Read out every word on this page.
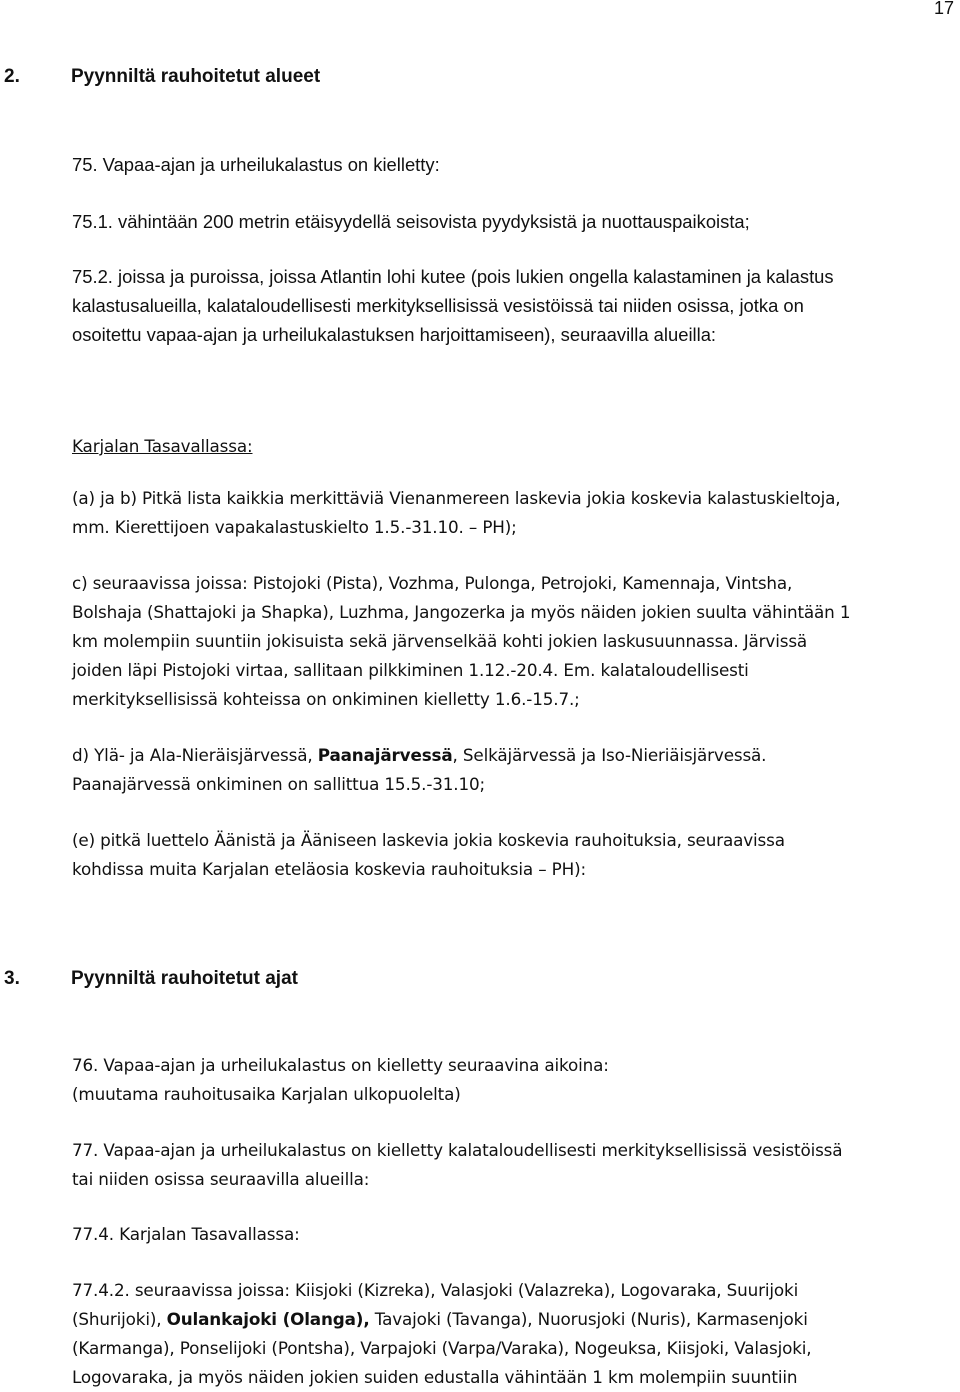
17
2.	Pyynniltä rauhoitetut alueet
75. Vapaa-ajan ja urheilukalastus on kielletty:
75.1. vähintään 200 metrin etäisyydellä seisovista pyydyksistä ja nuottauspaikoista;
75.2. joissa ja puroissa, joissa Atlantin lohi kutee (pois lukien ongella kalastaminen ja kalastus
kalastusalueilla, kalataloudellisesti merkityksellisissä vesistöissä tai niiden osissa, jotka on
osoitettu vapaa-ajan ja urheilukalastuksen harjoittamiseen), seuraavilla alueilla:
Karjalan Tasavallassa:
(a) ja b) Pitkä lista kaikkia merkittäviä Vienanmereen laskevia jokia koskevia kalastuskieltoja,
mm. Kierettijoen vapakalastuskielto 1.5.-31.10. – PH);
c) seuraavissa joissa: Pistojoki (Pista), Vozhma, Pulonga, Petrojoki, Kamennaja, Vintsha,
Bolshaja (Shattajoki ja Shapka), Luzhma, Jangozerka ja myös näiden jokien suulta vähintään 1
km molempiin suuntiin jokisuista sekä järvenselkää kohti jokien laskusuunnassa. Järvissä
joiden läpi Pistojoki virtaa, sallitaan pilkkiminen 1.12.-20.4. Em. kalataloudellisesti
merkityksellisissä kohteissa on onkiminen kielletty 1.6.-15.7.;
d) Ylä- ja Ala-Nieräisjärvessä, Paanajärvessä, Selkäjärvessä ja Iso-Nieriäisjärvessä.
Paanajärvessä onkiminen on sallittua 15.5.-31.10;
(e) pitkä luettelo Äänistä ja Ääniseen laskevia jokia koskevia rauhoituksia, seuraavissa
kohdissa muita Karjalan eteläosia koskevia rauhoituksia – PH):
3.	Pyynniltä rauhoitetut ajat
76. Vapaa-ajan ja urheilukalastus on kielletty seuraavina aikoina:
(muutama rauhoitusaika Karjalan ulkopuolelta)
77. Vapaa-ajan ja urheilukalastus on kielletty kalataloudellisesti merkityksellisissä vesistöissä
tai niiden osissa seuraavilla alueilla:
77.4. Karjalan Tasavallassa:
77.4.2. seuraavissa joissa: Kiisjoki (Kizreka), Valasjoki (Valazreka), Logovaraka, Suurijoki
(Shurijoki), Oulankajoki (Olanga), Tavajoki (Tavanga), Nuorusjoki (Nuris), Karmasenjoki
(Karmanga), Ponselijoki (Pontsha), Varpajoki (Varpa/Varaka), Nogeuksa, Kiisjoki, Valasjoki,
Logovaraka, ja myös näiden jokien suiden edustalla vähintään 1 km molempiin suuntiin
